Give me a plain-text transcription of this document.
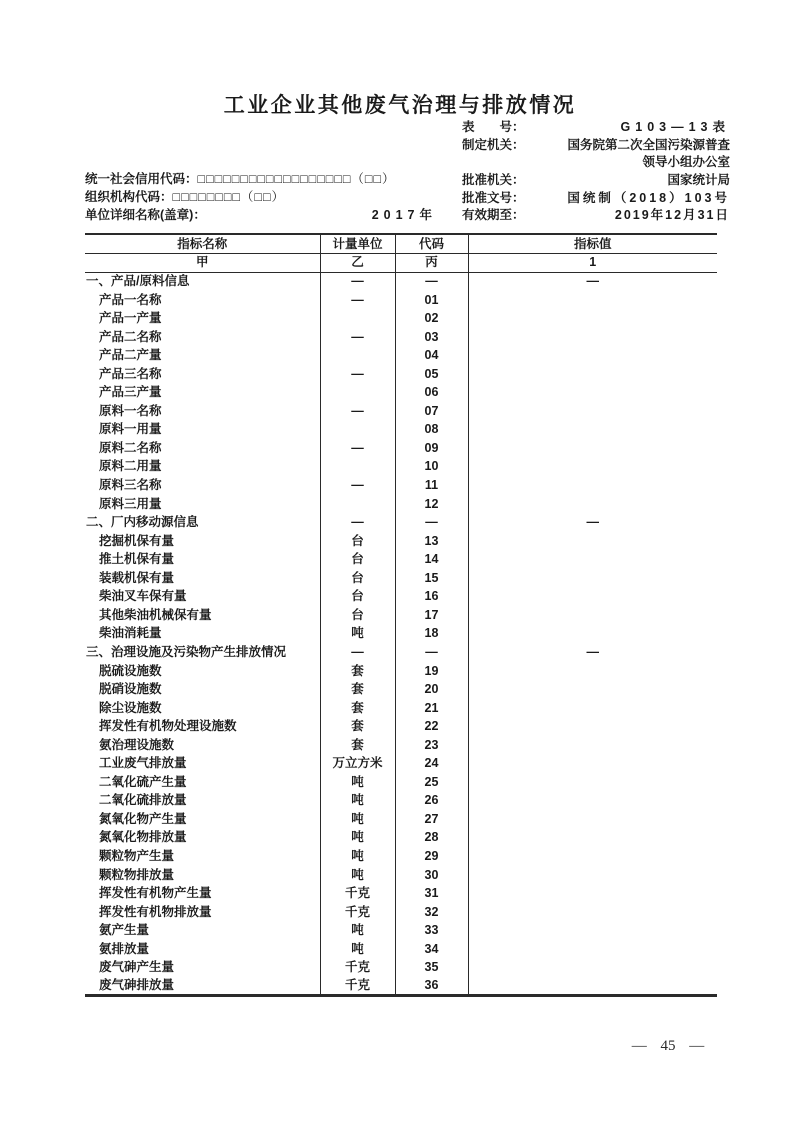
工业企业其他废气治理与排放情况
表　　号：	G103—13表
制定机关：	国务院第二次全国污染源普查
领导小组办公室
批准机关：	国家统计局
批准文号：	国统制（2018）103号
有效期至：	2019年12月31日
统一社会信用代码： □□□□□□□□□□□□□□□□□□（□□）
组织机构代码： □□□□□□□□（□□）
单位详细名称(盖章)：	2017年
指标名称	计量单位	代码	指标值
甲	乙	丙	1
一、产品/原料信息	—	—	—
产品一名称	—	01	
产品一产量		02	
产品二名称	—	03	
产品二产量		04	
产品三名称	—	05	
产品三产量		06	
原料一名称	—	07	
原料一用量		08	
原料二名称	—	09	
原料二用量		10	
原料三名称	—	11	
原料三用量		12	
二、厂内移动源信息	—	—	—
挖掘机保有量	台	13	
推土机保有量	台	14	
装载机保有量	台	15	
柴油叉车保有量	台	16	
其他柴油机械保有量	台	17	
柴油消耗量	吨	18	
三、治理设施及污染物产生排放情况	—	—	—
脱硫设施数	套	19	
脱硝设施数	套	20	
除尘设施数	套	21	
挥发性有机物处理设施数	套	22	
氨治理设施数	套	23	
工业废气排放量	万立方米	24	
二氧化硫产生量	吨	25	
二氧化硫排放量	吨	26	
氮氧化物产生量	吨	27	
氮氧化物排放量	吨	28	
颗粒物产生量	吨	29	
颗粒物排放量	吨	30	
挥发性有机物产生量	千克	31	
挥发性有机物排放量	千克	32	
氨产生量	吨	33	
氨排放量	吨	34	
废气砷产生量	千克	35	
废气砷排放量	千克	36	
— 45 —
